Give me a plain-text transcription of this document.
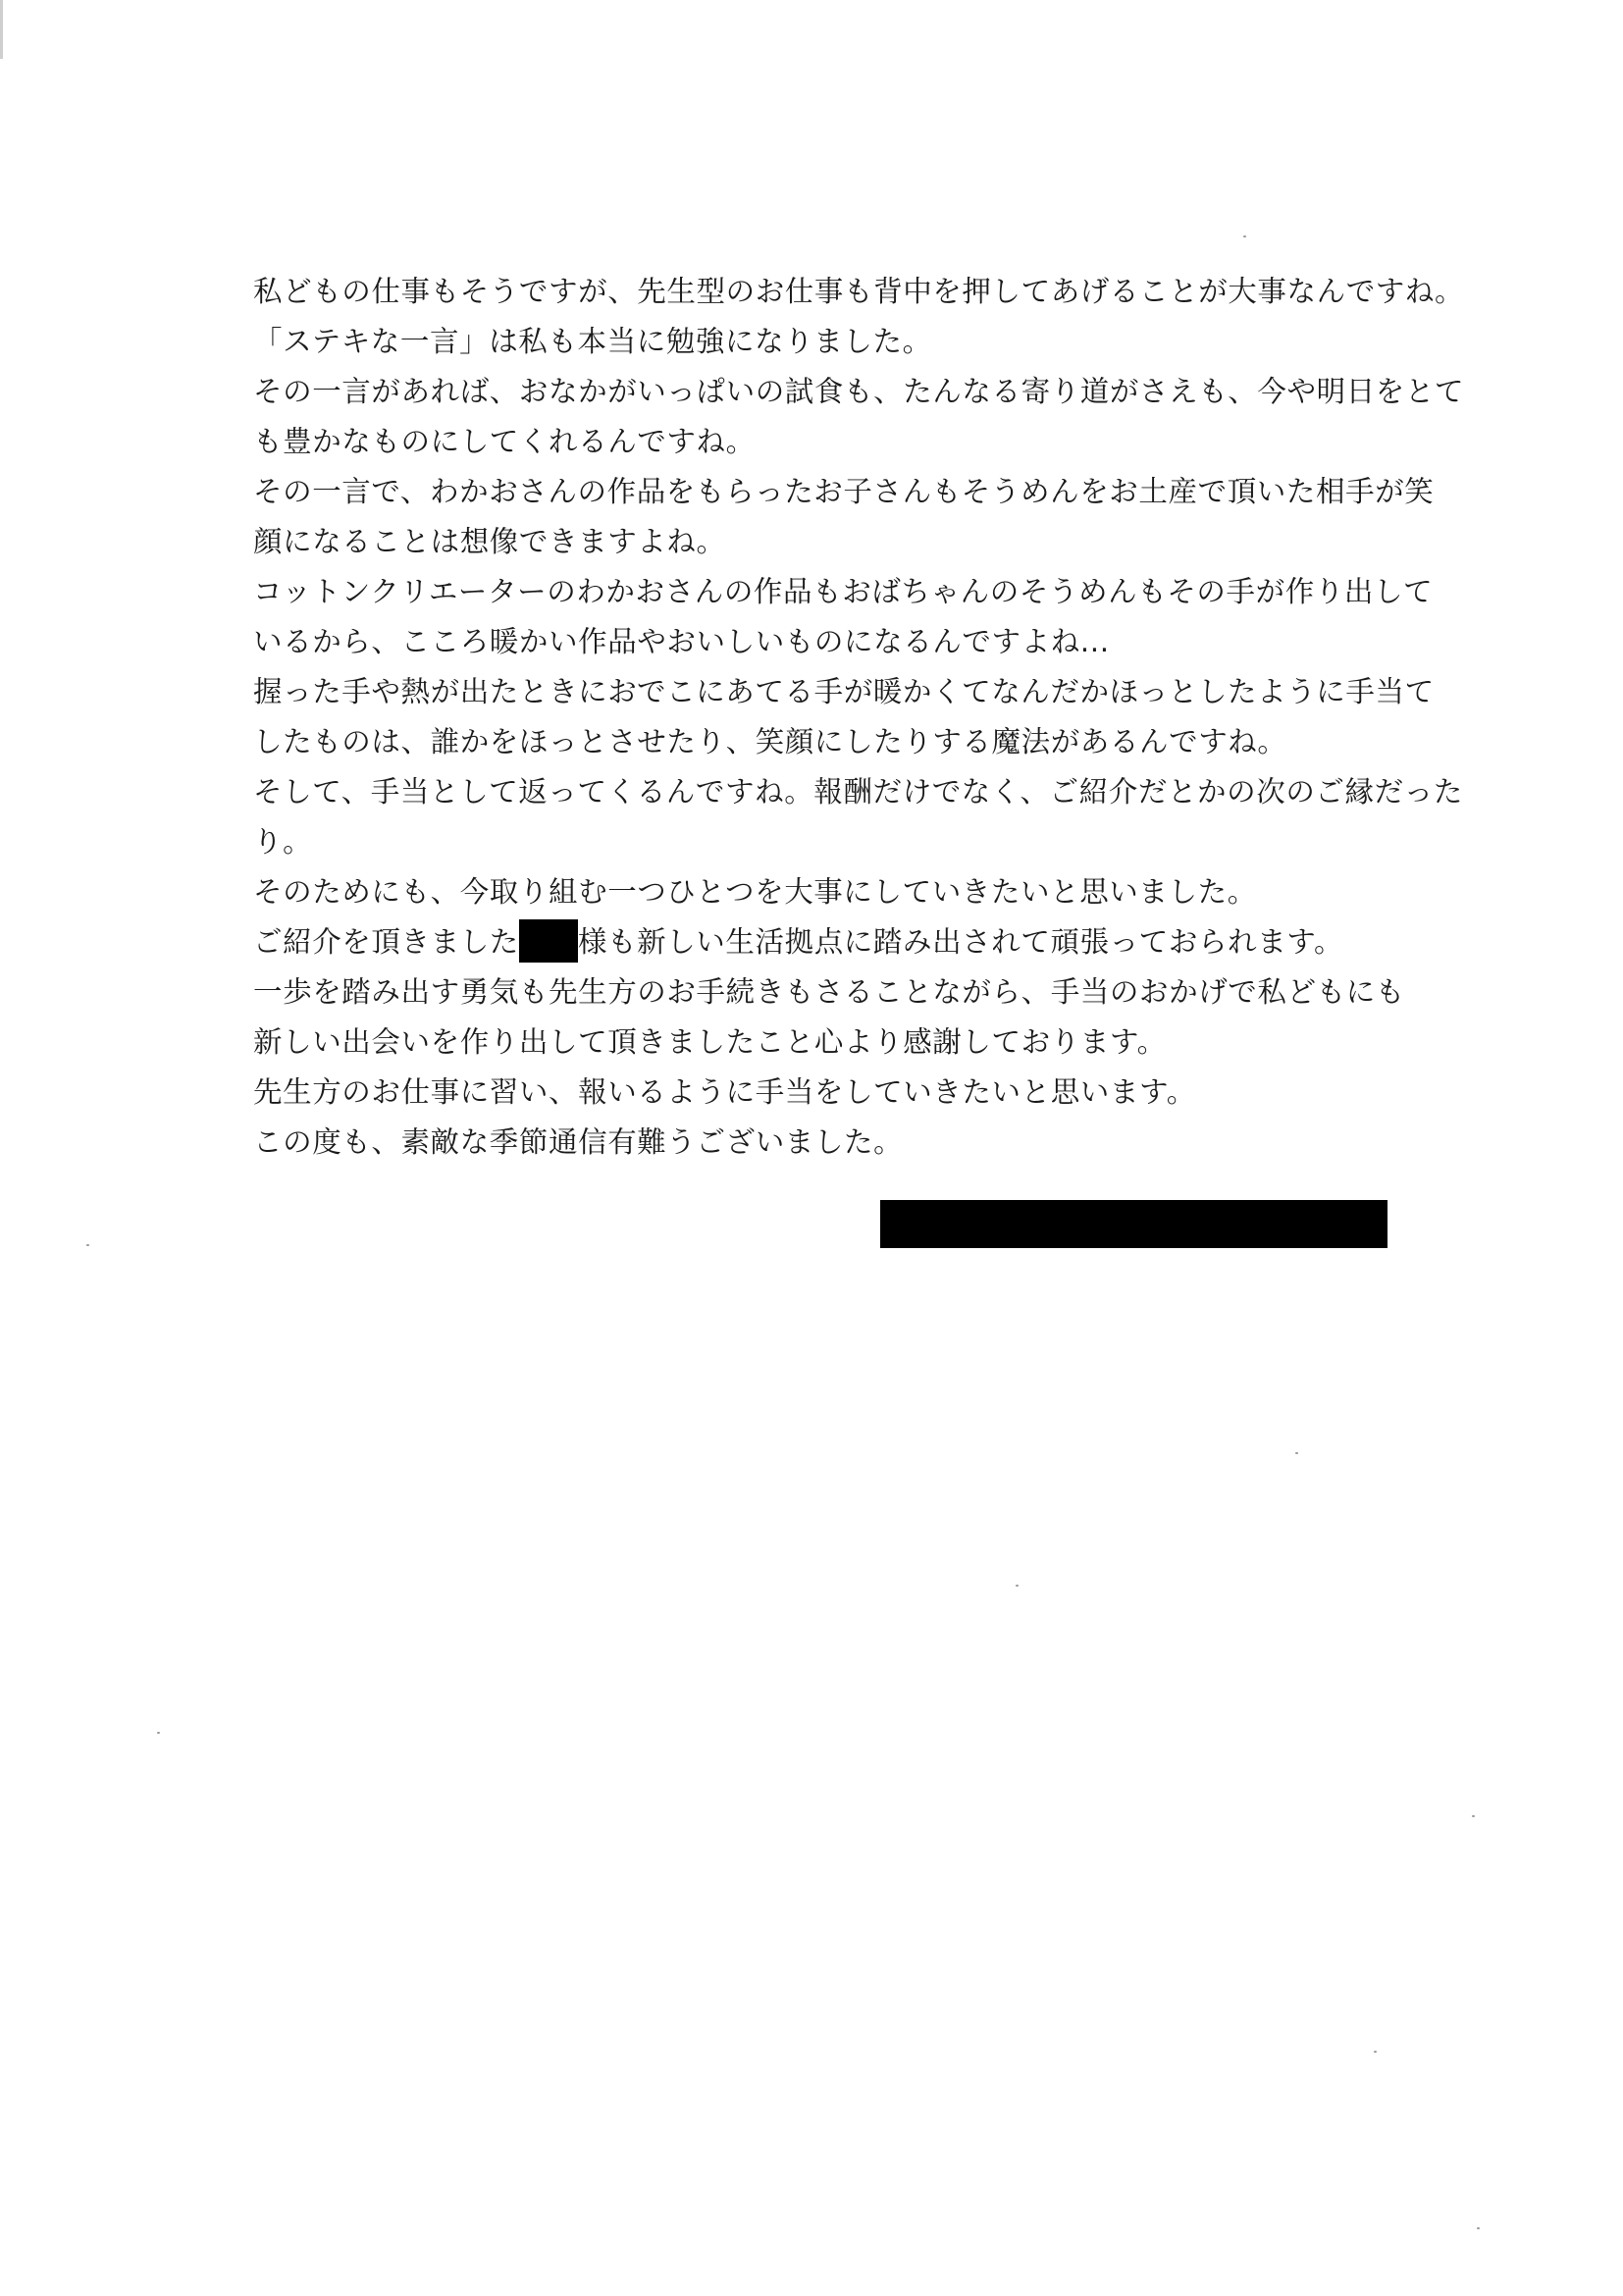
私どもの仕事もそうですが、先生型のお仕事も背中を押してあげることが大事なんですね。
「ステキな一言」は私も本当に勉強になりました。
その一言があれば、おなかがいっぱいの試食も、たんなる寄り道がさえも、今や明日をとて
も豊かなものにしてくれるんですね。
その一言で、わかおさんの作品をもらったお子さんもそうめんをお土産で頂いた相手が笑
顔になることは想像できますよね。
コットンクリエーターのわかおさんの作品もおばちゃんのそうめんもその手が作り出して
いるから、こころ暖かい作品やおいしいものになるんですよね...
握った手や熱が出たときにおでこにあてる手が暖かくてなんだかほっとしたように手当て
したものは、誰かをほっとさせたり、笑顔にしたりする魔法があるんですね。
そして、手当として返ってくるんですね。報酬だけでなく、ご紹介だとかの次のご縁だった
り。
そのためにも、今取り組む一つひとつを大事にしていきたいと思いました。
ご紹介を頂きました 様も新しい生活拠点に踏み出されて頑張っておられます。
一歩を踏み出す勇気も先生方のお手続きもさることながら、手当のおかげで私どもにも
新しい出会いを作り出して頂きましたこと心より感謝しております。
先生方のお仕事に習い、報いるように手当をしていきたいと思います。
この度も、素敵な季節通信有難うございました。
